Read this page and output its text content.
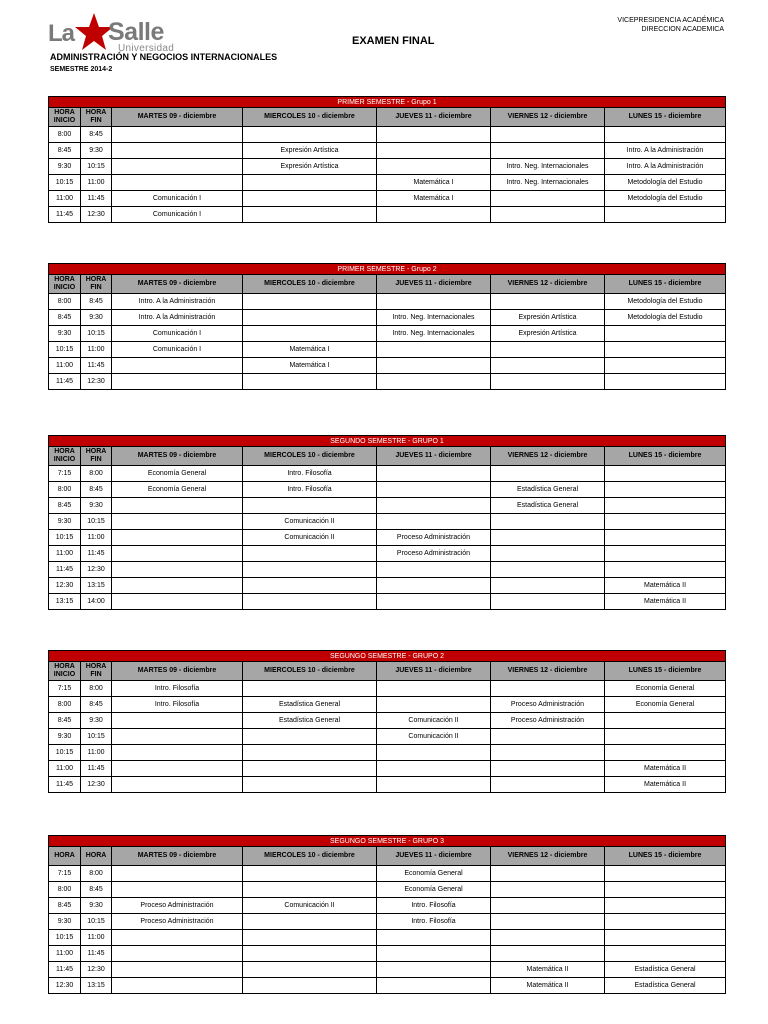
La Salle
Universidad
ADMINISTRACIÓN Y NEGOCIOS INTERNACIONALES
SEMESTRE 2014-2
EXAMEN FINAL
VICEPRESIDENCIA ACADÉMICA
DIRECCION ACADEMICA
PRIMER SEMESTRE - Grupo 1						
HORA INICIO	HORA FIN	MARTES 09 - diciembre	MIERCOLES 10 - diciembre	JUEVES 11 - diciembre	VIERNES 12 - diciembre	LUNES 15 - diciembre
8:00	8:45					
8:45	9:30		Expresión Artística			Intro. A la Administración
9:30	10:15		Expresión Artística		Intro. Neg. Internacionales	Intro. A la Administración
10:15	11:00			Matemática I	Intro. Neg. Internacionales	Metodología del Estudio
11:00	11:45	Comunicación I		Matemática I		Metodología del Estudio
11:45	12:30	Comunicación I				
PRIMER SEMESTRE - Grupo 2						
HORA INICIO	HORA FIN	MARTES 09 - diciembre	MIERCOLES 10 - diciembre	JUEVES 11 - diciembre	VIERNES 12 - diciembre	LUNES 15 - diciembre
8:00	8:45	Intro. A la Administración				Metodología del Estudio
8:45	9:30	Intro. A la Administración		Intro. Neg. Internacionales	Expresión Artística	Metodología del Estudio
9:30	10:15	Comunicación I		Intro. Neg. Internacionales	Expresión Artística	
10:15	11:00	Comunicación I	Matemática I			
11:00	11:45		Matemática I			
11:45	12:30					
SEGUNDO SEMESTRE - GRUPO 1						
HORA INICIO	HORA FIN	MARTES 09 - diciembre	MIERCOLES 10 - diciembre	JUEVES 11 - diciembre	VIERNES 12 - diciembre	LUNES 15 - diciembre
7:15	8:00	Economía General	Intro. Filosofía			
8:00	8:45	Economía General	Intro. Filosofía		Estadística General	
8:45	9:30				Estadística General	
9:30	10:15		Comunicación II			
10:15	11:00		Comunicación II	Proceso Administración		
11:00	11:45			Proceso Administración		
11:45	12:30					
12:30	13:15					Matemática II
13:15	14:00					Matemática II
SEGUNGO SEMESTRE - GRUPO 2						
HORA INICIO	HORA FIN	MARTES 09 - diciembre	MIERCOLES 10 - diciembre	JUEVES 11 - diciembre	VIERNES 12 - diciembre	LUNES 15 - diciembre
7:15	8:00	Intro. Filosofía				Economía General
8:00	8:45	Intro. Filosofía	Estadística General		Proceso Administración	Economía General
8:45	9:30		Estadística General	Comunicación II	Proceso Administración	
9:30	10:15			Comunicación II		
10:15	11:00					
11:00	11:45					Matemática II
11:45	12:30					Matemática II
SEGUNGO SEMESTRE - GRUPO 3						
HORA	HORA	MARTES 09 - diciembre	MIERCOLES 10 - diciembre	JUEVES 11 - diciembre	VIERNES 12 - diciembre	LUNES 15 - diciembre
7:15	8:00			Economía General		
8:00	8:45			Economía General		
8:45	9:30	Proceso Administración	Comunicación II	Intro. Filosofía		
9:30	10:15	Proceso Administración		Intro. Filosofía		
10:15	11:00					
11:00	11:45					
11:45	12:30				Matemática II	Estadística General
12:30	13:15				Matemática II	Estadística General
